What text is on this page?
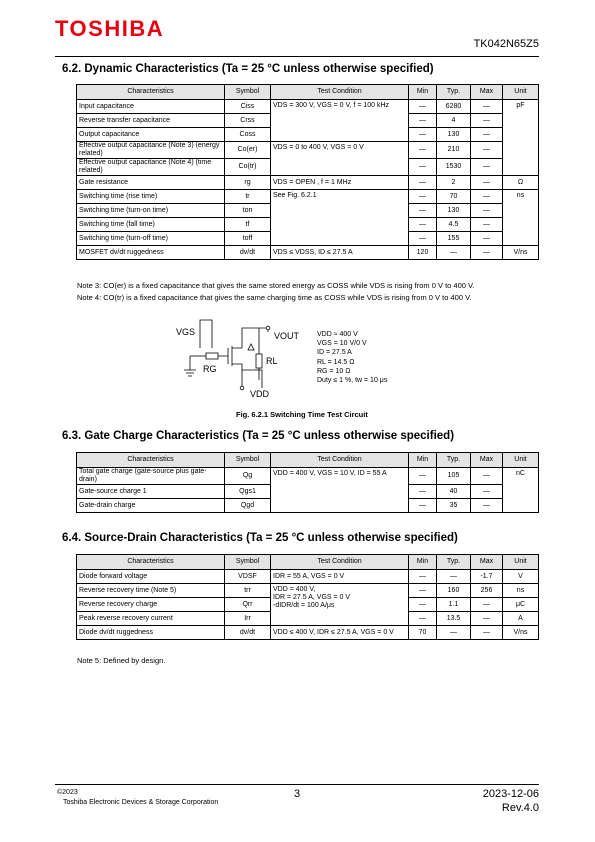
TOSHIBA
TK042N65Z5
6.2. Dynamic Characteristics (Ta = 25 °C unless otherwise specified)
Characteristics	Symbol	Test Condition	Min	Typ.	Max	Unit
Input capacitance	Ciss	VDS = 300 V, VGS = 0 V, f = 100 kHz	—	6280	—	pF
Reverse transfer capacitance	Crss		—	4	—	
Output capacitance	Coss		—	130	—	
Effective output capacitance (Note 3) (energy related)	Co(er)	VDS = 0 to 400 V, VGS = 0 V	—	210	—	
Effective output capacitance (Note 4) (time related)	Co(tr)		—	1530	—	
Gate resistance	rg	VDS = OPEN , f = 1 MHz	—	2	—	Ω
Switching time (rise time)	tr	See Fig. 6.2.1	—	70	—	ns
Switching time (turn-on time)	ton		—	130	—	
Switching time (fall time)	tf		—	4.5	—	
Switching time (turn-off time)	toff		—	155	—	
MOSFET dv/dt ruggedness	dv/dt	VDS ≤ VDSS, ID ≤ 27.5 A	120	—	—	V/ns
Note 3: CO(er) is a fixed capacitance that gives the same stored energy as COSS while VDS is rising from 0 V to 400 V.
Note 4: CO(tr) is a fixed capacitance that gives the same charging time as COSS while VDS is rising from 0 V to 400 V.
VGS	VOUT
RG
RL
VDD
VDD ≈ 400 V
VGS = 10 V/0 V
ID = 27.5 A
RL = 14.5 Ω
RG = 10 Ω
Duty ≤ 1 %, tw = 10 μs
Fig. 6.2.1 Switching Time Test Circuit
6.3. Gate Charge Characteristics (Ta = 25 °C unless otherwise specified)
Characteristics	Symbol	Test Condition	Min	Typ.	Max	Unit
Total gate charge (gate-source plus gate-drain)	Qg	VDD = 400 V, VGS = 10 V, ID = 55 A	—	105	—	nC
Gate-source charge 1	Qgs1		—	40	—	
Gate-drain charge	Qgd		—	35	—	
6.4. Source-Drain Characteristics (Ta = 25 °C unless otherwise specified)
Characteristics	Symbol	Test Condition	Min	Typ.	Max	Unit
Diode forward voltage	VDSF	IDR = 55 A, VGS = 0 V	—	—	-1.7	V
Reverse recovery time (Note 5)	trr	VDD = 400 V,
IDR = 27.5 A, VGS = 0 V
-dIDR/dt = 100 A/μs	—	160	256	ns
Reverse recovery charge	Qrr		—	1.1	—	μC
Peak reverse recovery current	Irr		—	13.5	—	A
Diode dv/dt ruggedness	dv/dt	VDD ≤ 400 V, IDR ≤ 27.5 A, VGS = 0 V	70	—	—	V/ns
Note 5: Defined by design.
©2023
Toshiba Electronic Devices & Storage Corporation
3	2023-12-06
Rev.4.0
